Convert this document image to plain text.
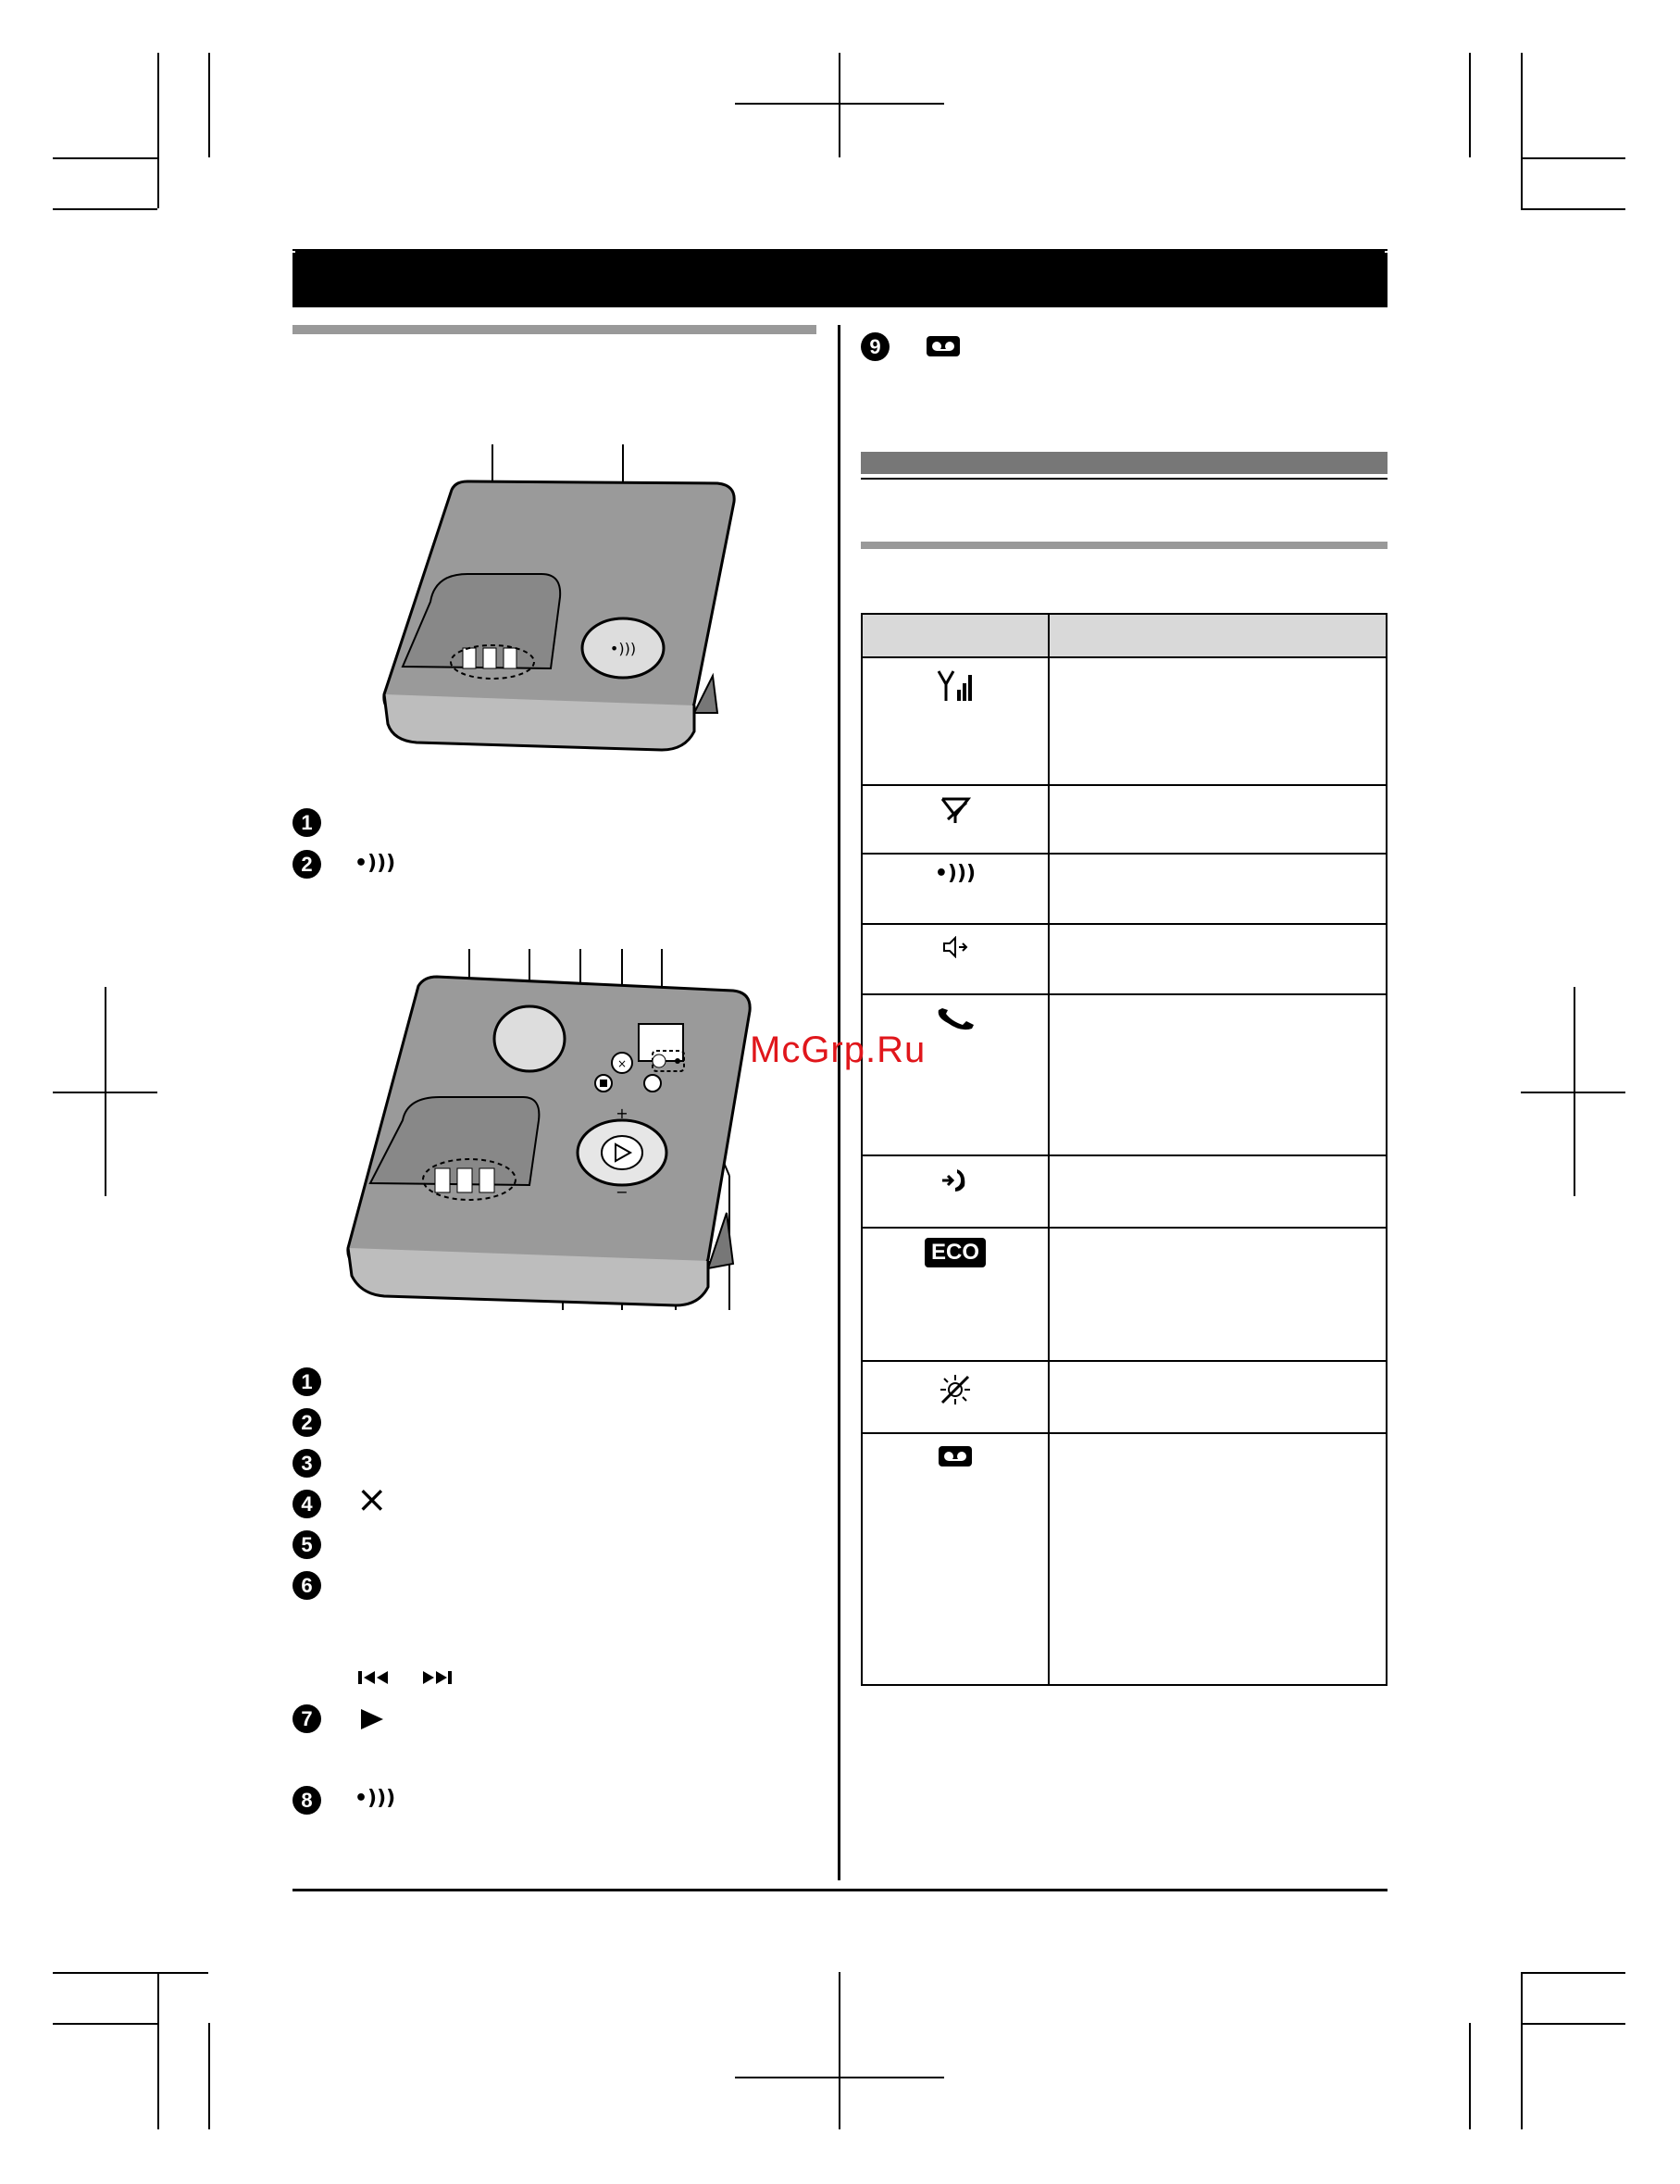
•)))
1
2	•)))
×
+
−
1
2
3
4 ×
5
6
7
8	•)))
9

•)))	

ECO	

McGrp.Ru
